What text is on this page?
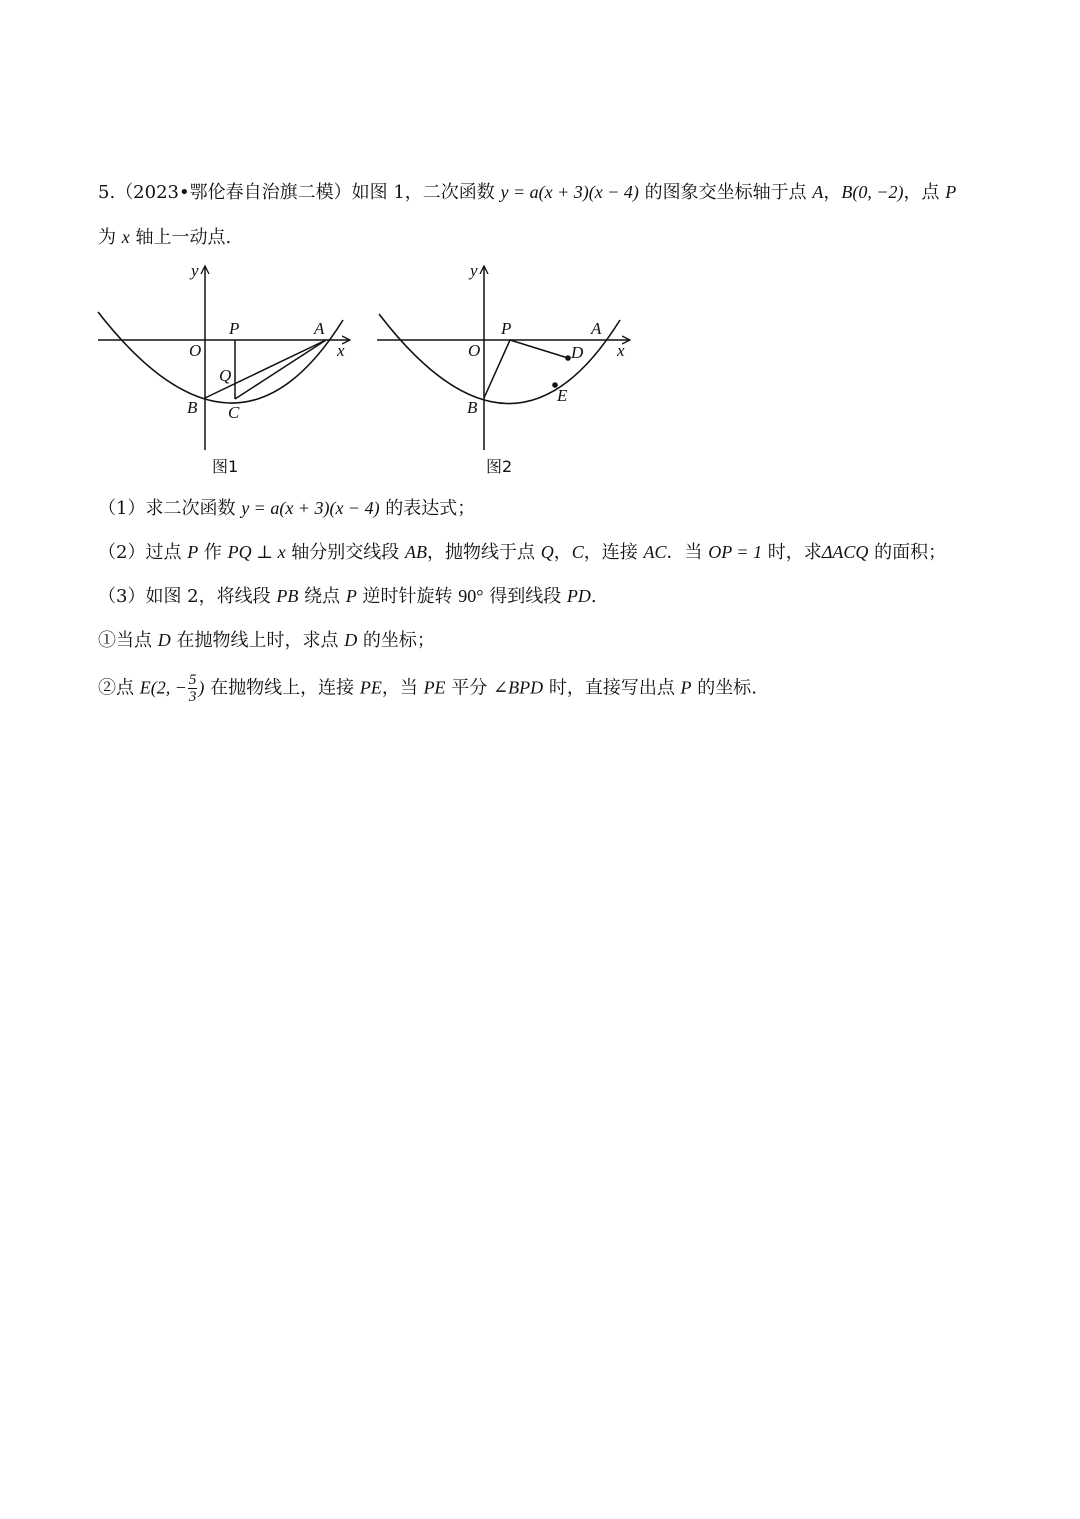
5.（2023•鄂伦春自治旗二模）如图 1，二次函数 y = a(x + 3)(x − 4) 的图象交坐标轴于点 A，B(0, −2)，点 P
为 x 轴上一动点.
y
x
O
P	A
Q
B C
图1
y
x
O
P	A
D
B
E
图2
（1）求二次函数 y = a(x + 3)(x − 4) 的表达式；
（2）过点 P 作 PQ ⊥ x 轴分别交线段 AB，抛物线于点 Q，C，连接 AC．当 OP = 1 时，求ΔACQ 的面积；
（3）如图 2，将线段 PB 绕点 P 逆时针旋转 90° 得到线段 PD.
①当点 D 在抛物线上时，求点 D 的坐标；
②点 E(2, − $\frac{5}{3}$ ) 在抛物线上，连接 PE，当 PE 平分 ∠BPD 时，直接写出点 P 的坐标.
